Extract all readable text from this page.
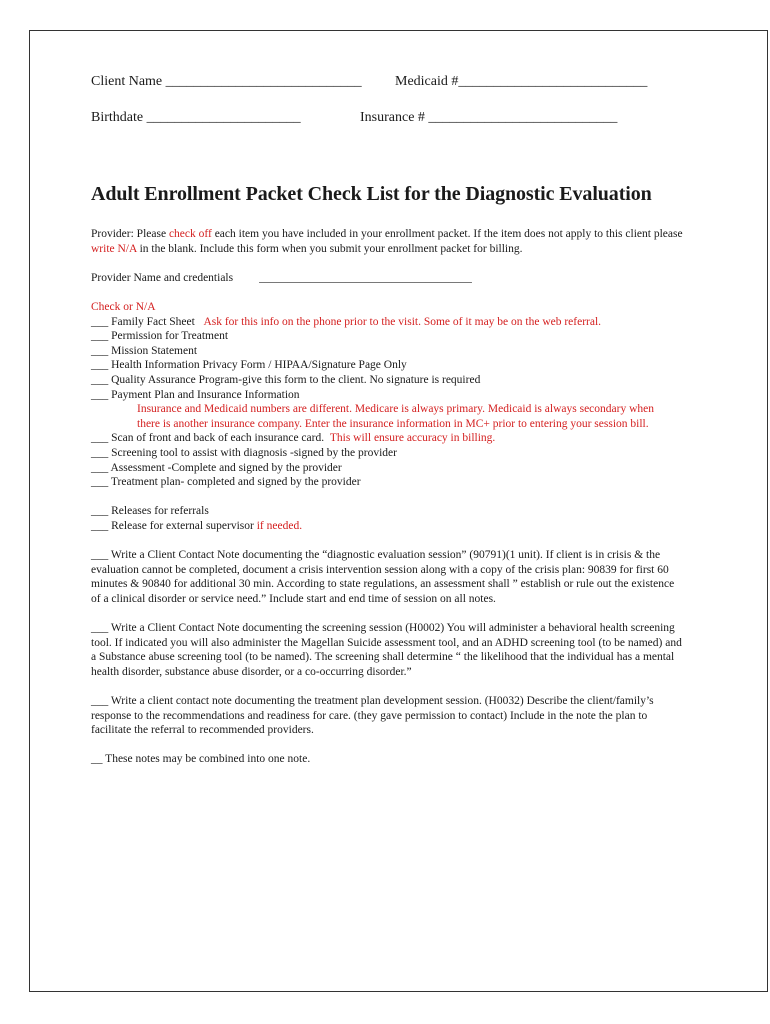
Client Name ____________________________ Medicaid #___________________________
Birthdate ______________________	Insurance # ___________________________
Adult Enrollment Packet Check List for the Diagnostic Evaluation

Provider: Please check off each item you have included in your enrollment packet. If the item does not apply to this client please write N/A in the blank. Include this form when you submit your enrollment packet for billing.

Provider Name and credentials _____________________________________

Check or N/A

___ Family Fact Sheet Ask for this info on the phone prior to the visit. Some of it may be on the web referral.

___ Permission for Treatment

___ Mission Statement

___ Health Information Privacy Form / HIPAA/Signature Page Only

___ Quality Assurance Program-give this form to the client. No signature is required

___ Payment Plan and Insurance Information

Insurance and Medicaid numbers are different. Medicare is always primary. Medicaid is always secondary when there is another insurance company. Enter the insurance information in MC+ prior to entering your session bill.

___ Scan of front and back of each insurance card. This will ensure accuracy in billing.

___ Screening tool to assist with diagnosis -signed by the provider

___ Assessment -Complete and signed by the provider

___ Treatment plan- completed and signed by the provider

___ Releases for referrals

___ Release for external supervisor if needed.

___ Write a Client Contact Note documenting the “diagnostic evaluation session” (90791)(1 unit). If client is in crisis & the evaluation cannot be completed, document a crisis intervention session along with a copy of the crisis plan: 90839 for first 60 minutes & 90840 for additional 30 min. According to state regulations, an assessment shall ” establish or rule out the existence of a clinical disorder or service need.” Include start and end time of session on all notes.

___ Write a Client Contact Note documenting the screening session (H0002) You will administer a behavioral health screening tool. If indicated you will also administer the Magellan Suicide assessment tool, and an ADHD screening tool (to be named) and a Substance abuse screening tool (to be named). The screening shall determine “ the likelihood that the individual has a mental health disorder, substance abuse disorder, or a co-occurring disorder.”

___ Write a client contact note documenting the treatment plan development session. (H0032) Describe the client/family’s response to the recommendations and readiness for care. (they gave permission to contact) Include in the note the plan to facilitate the referral to recommended providers.

__ These notes may be combined into one note.
